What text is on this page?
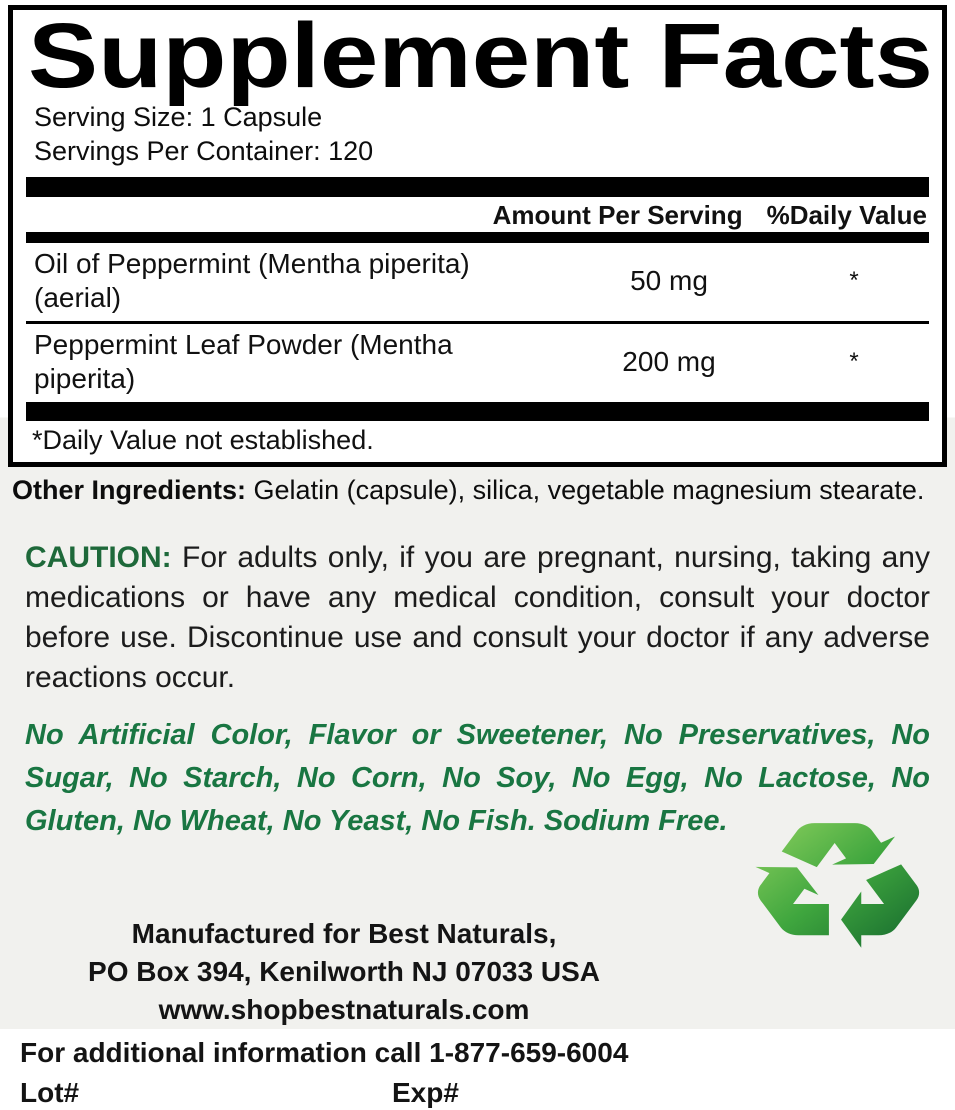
Supplement Facts
Serving Size: 1 Capsule
Servings Per Container: 120
Amount Per Serving %Daily Value
Oil of Peppermint (Mentha piperita) (aerial)
50 mg	*
Peppermint Leaf Powder (Mentha piperita)
200 mg	*
*Daily Value not established.
Other Ingredients: Gelatin (capsule), silica, vegetable magnesium stearate.

CAUTION: For adults only, if you are pregnant, nursing, taking any medications or have any medical condition, consult your doctor before use. Discontinue use and consult your doctor if any adverse reactions occur.

No Artificial Color, Flavor or Sweetener, No Preservatives, No Sugar, No Starch, No Corn, No Soy, No Egg, No Lactose, No Gluten, No Wheat, No Yeast, No Fish. Sodium Free.

Manufactured for Best Naturals,
PO Box 394, Kenilworth NJ 07033 USA
www.shopbestnaturals.com
For additional information call 1-877-659-6004
Lot#	Exp#
